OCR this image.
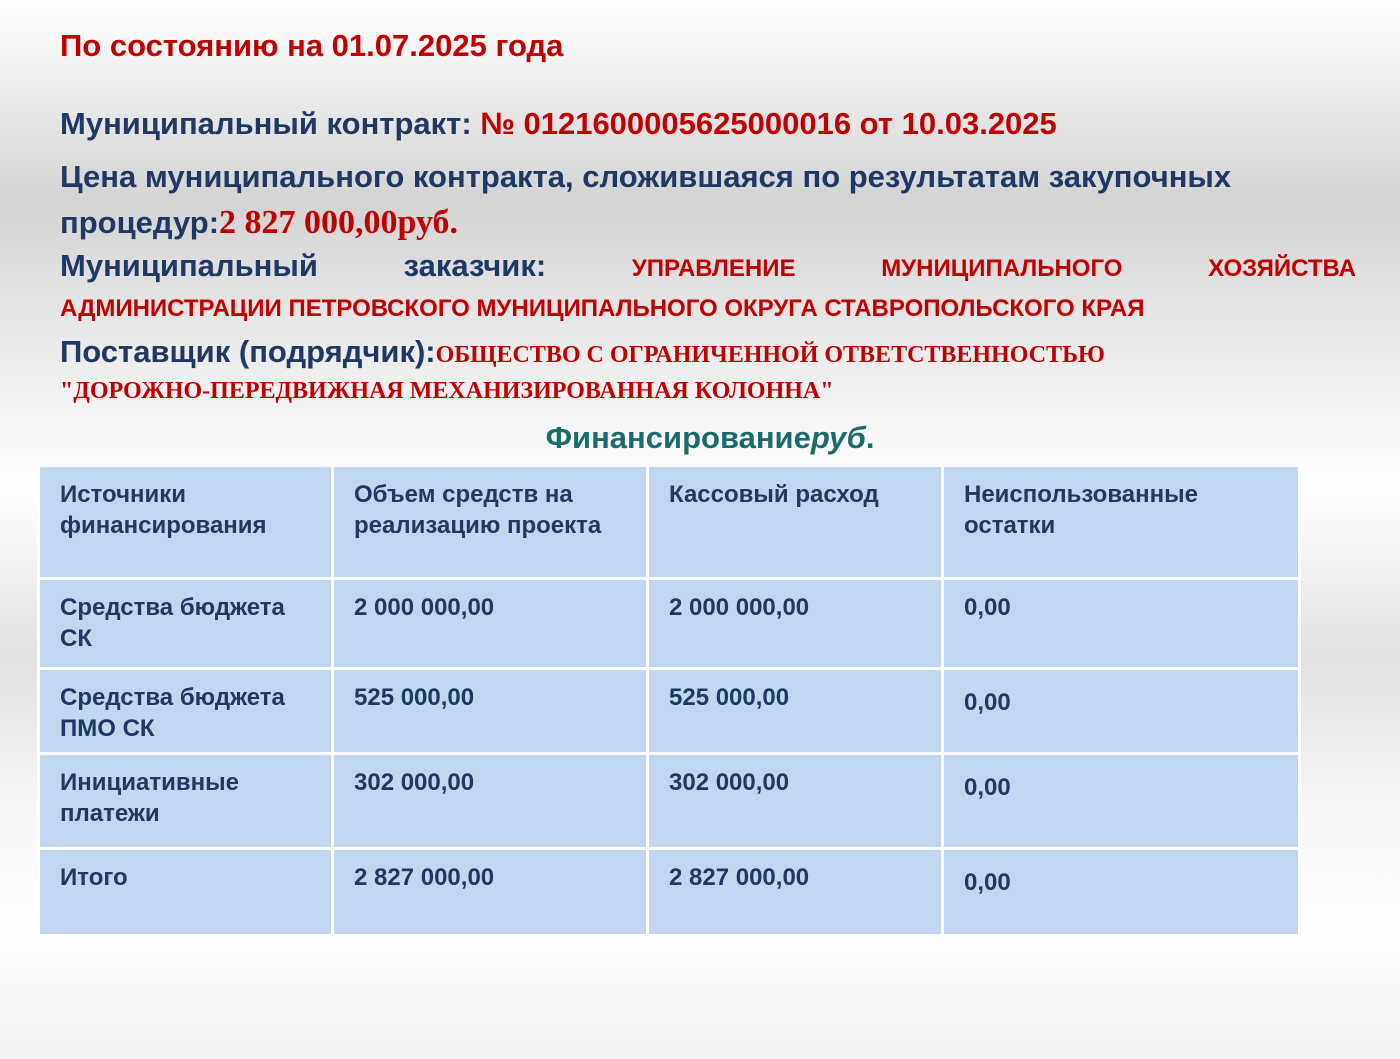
По состоянию на 01.07.2025 года
Муниципальный контракт: № 0121600005625000016 от 10.03.2025
Цена муниципального контракта, сложившаяся по результатам закупочных процедур:2 827 000,00руб.
Муниципальный	заказчик:	УПРАВЛЕНИЕ	МУНИЦИПАЛЬНОГО	ХОЗЯЙСТВА
АДМИНИСТРАЦИИ ПЕТРОВСКОГО МУНИЦИПАЛЬНОГО ОКРУГА СТАВРОПОЛЬСКОГО КРАЯ
Поставщик (подрядчик):ОБЩЕСТВО С ОГРАНИЧЕННОЙ ОТВЕТСТВЕННОСТЬЮ
"ДОРОЖНО-ПЕРЕДВИЖНАЯ МЕХАНИЗИРОВАННАЯ КОЛОННА"
Финансированиеруб.
Источники финансирования	Объем средств на реализацию проекта	Кассовый расход	Неиспользованные остатки
Средства бюджета СК	2 000 000,00	2 000 000,00	0,00
Средства бюджета ПМО СК	525 000,00	525 000,00	0,00
Инициативные платежи	302 000,00	302 000,00	0,00
Итого	2 827 000,00	2 827 000,00	0,00
